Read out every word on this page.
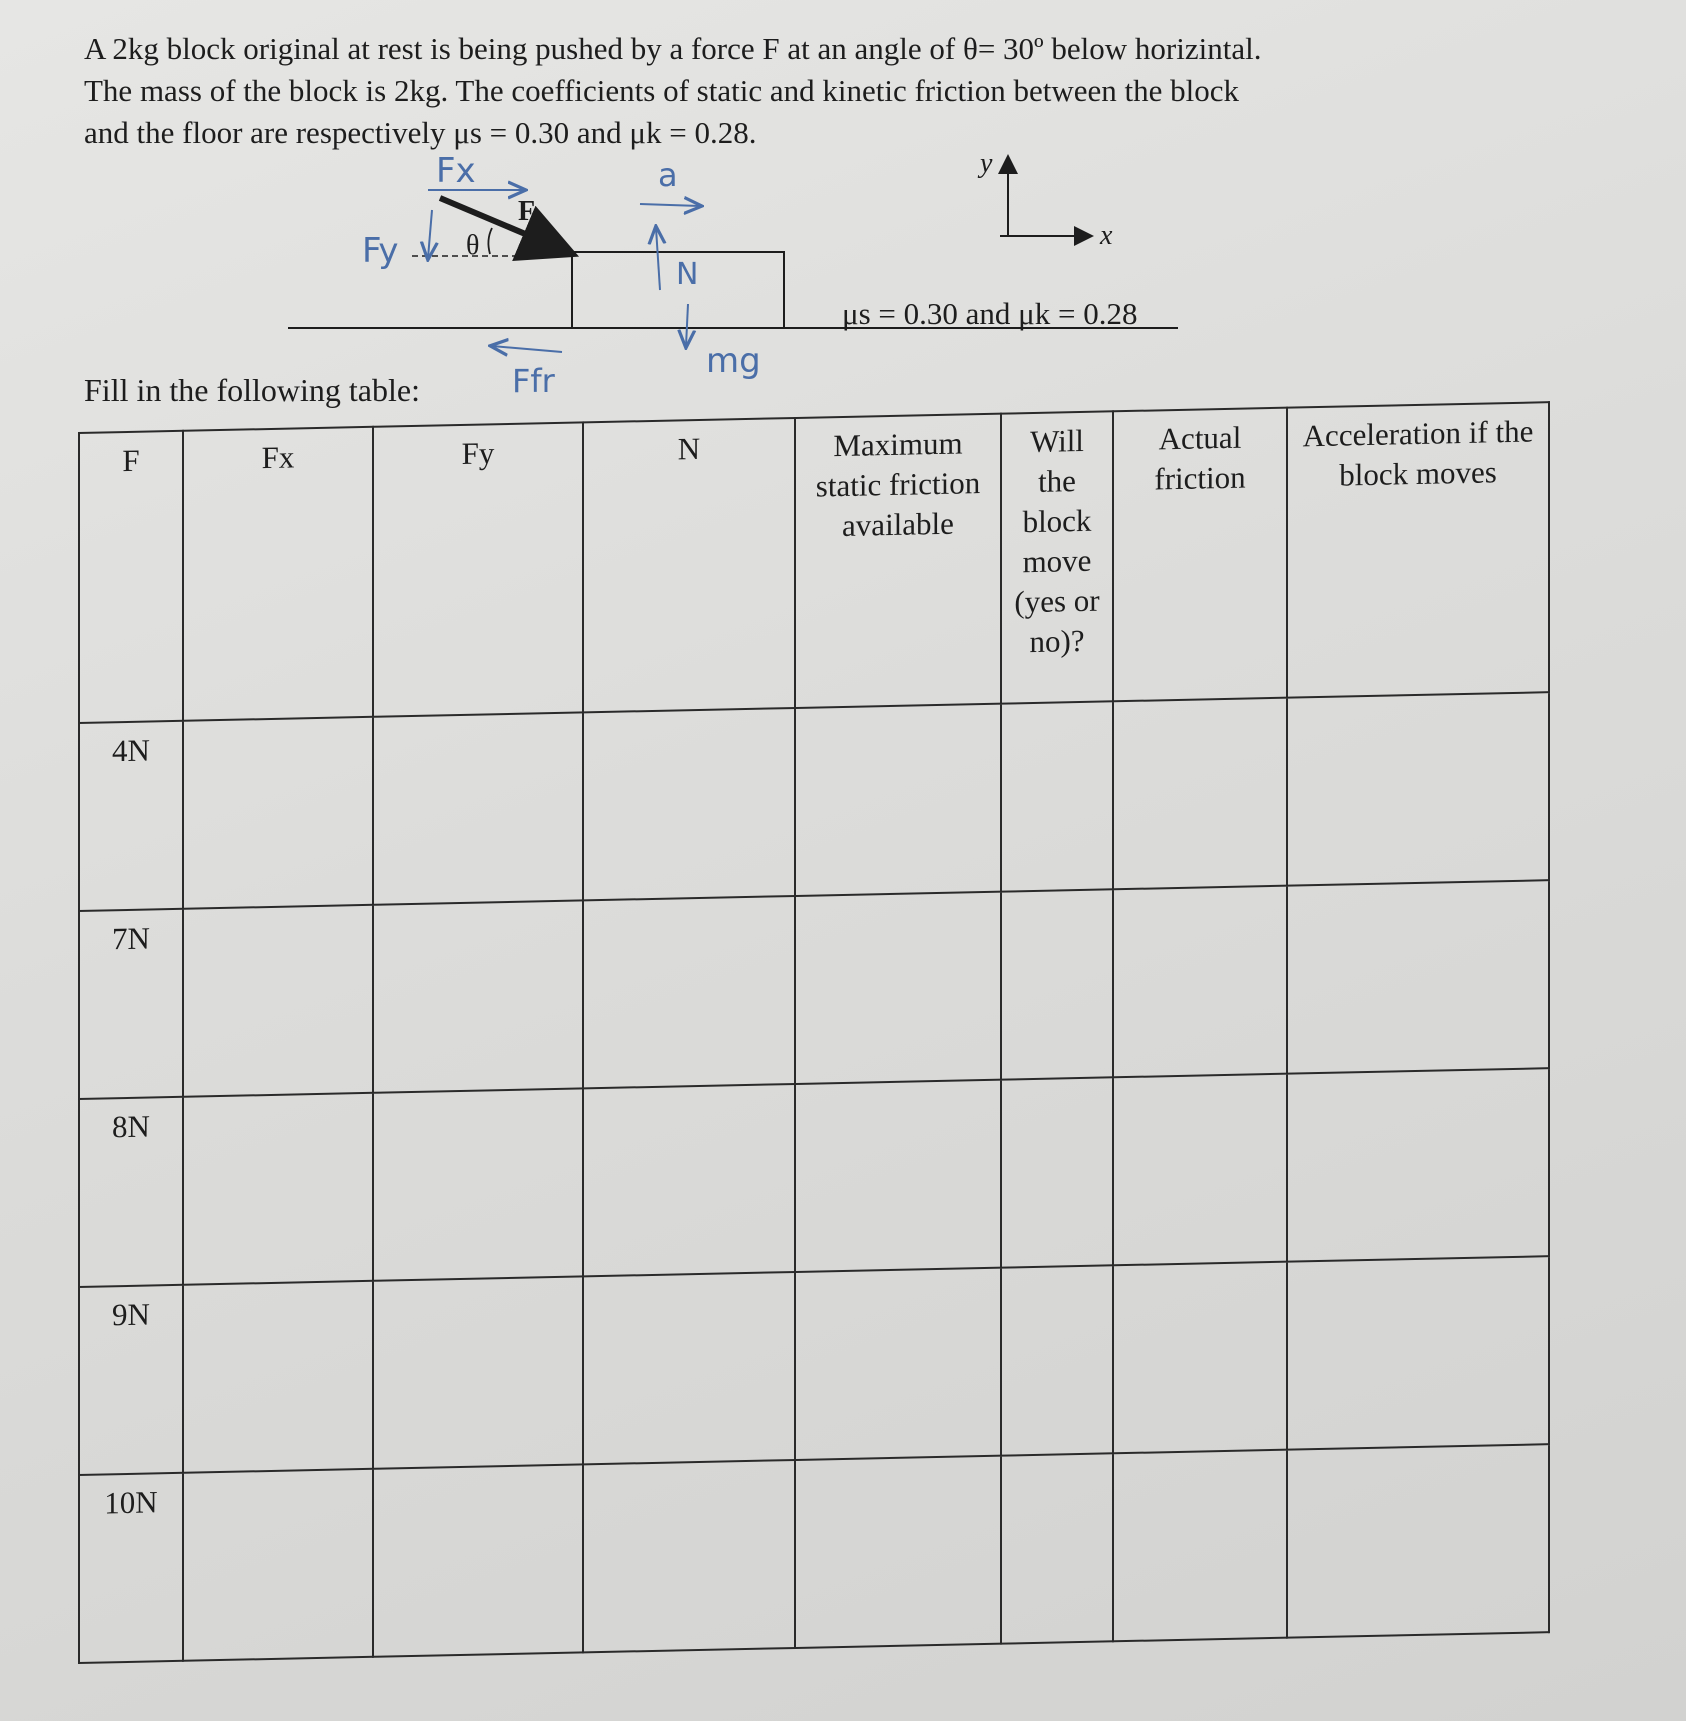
A 2kg block original at rest is being pushed by a force F at an angle of θ= 30º below horizintal.

The mass of the block is 2kg. The coefficients of static and kinetic friction between the block

and the floor are respectively μs = 0.30 and μk = 0.28.

F
θ
y
x
μs = 0.30 and μk = 0.28
Fx
Fy
a
N
mg
Ffr
Fill in the following table:
F	Fx	Fy	N	Maximum static friction available	Will the block move (yes or no)?	Actual friction	Acceleration if the block moves
4N							
7N							
8N							
9N							
10N							
